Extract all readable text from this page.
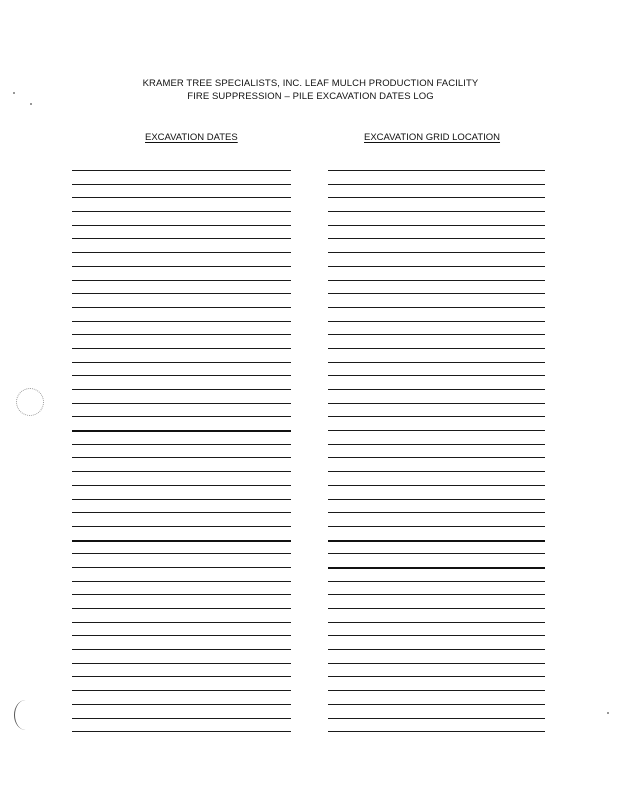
KRAMER TREE SPECIALISTS, INC. LEAF MULCH PRODUCTION FACILITY
FIRE SUPPRESSION – PILE EXCAVATION DATES LOG
EXCAVATION DATES	EXCAVATION GRID LOCATION
